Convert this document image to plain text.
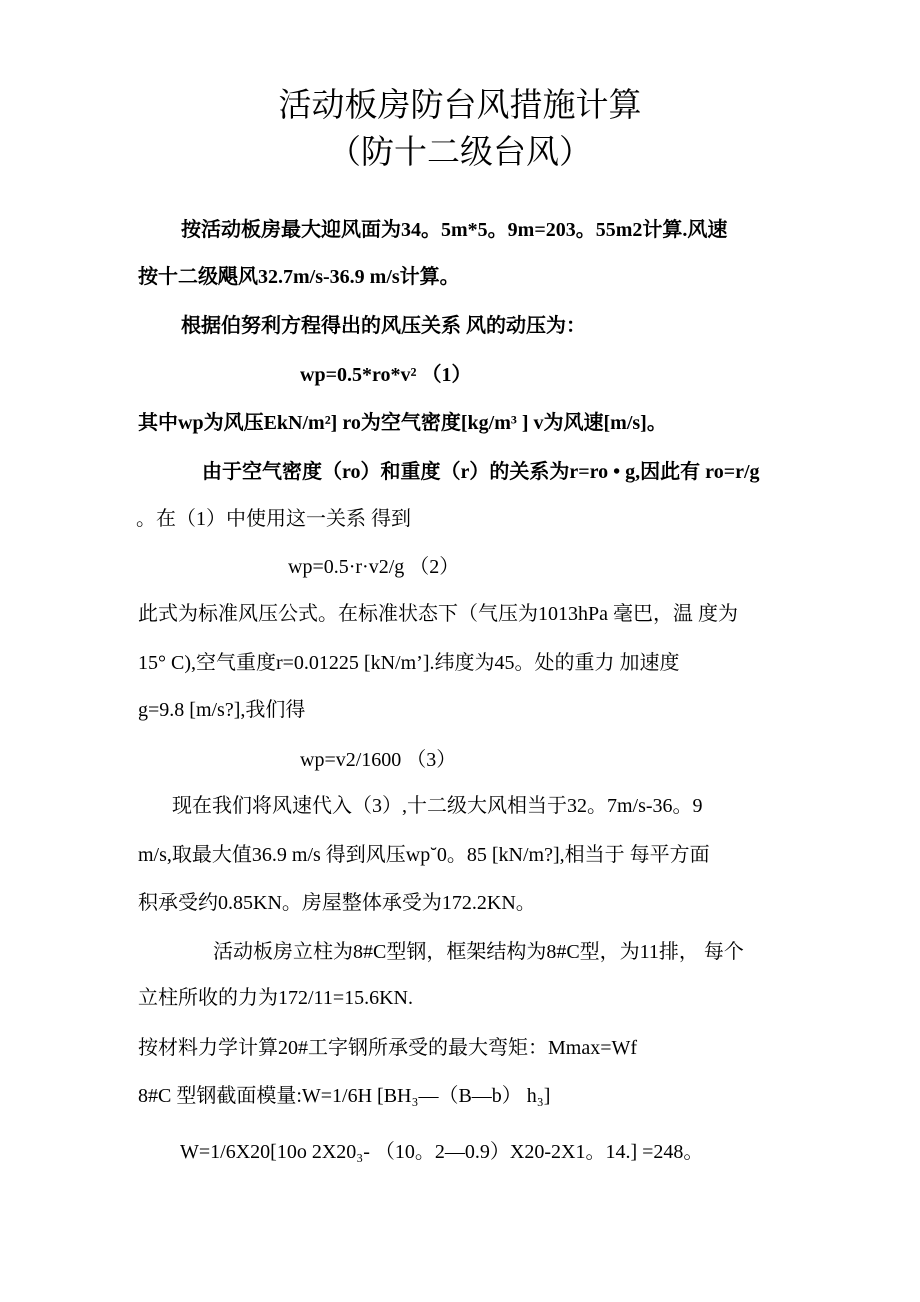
活动板房防台风措施计算
（防十二级台风）
按活动板房最大迎风面为34。5m*5。9m=203。55m2计算.风速
按十二级飓风32.7m/s-36.9 m/s计算。
根据伯努利方程得出的风压关系 风的动压为：
wp=0.5*ro*v² （1）
其中wp为风压EkN/m²] ro为空气密度[kg/m³ ] v为风速[m/s]。
由于空气密度（ro）和重度（r）的关系为r=ro • g,因此有 ro=r/g
。在（1）中使用这一关系 得到
wp=0.5·r·v2/g （2）
此式为标准风压公式。在标准状态下（气压为1013hPa 毫巴，温 度为
15° C),空气重度r=0.01225 [kN/m’].纬度为45。处的重力 加速度
g=9.8 [m/s?],我们得
wp=v2/1600 （3）
现在我们将风速代入（3）,十二级大风相当于32。7m/s-36。9
m/s,取最大值36.9 m/s 得到风压wp˘0。85 [kN/m?],相当于 每平方面
积承受约0.85KN。房屋整体承受为172.2KN。
活动板房立柱为8#C型钢，框架结构为8#C型，为11排， 每个
立柱所收的力为172/11=15.6KN.
按材料力学计算20#工字钢所承受的最大弯矩：Mmax=Wf
8#C 型钢截面模量:W=1/6H [BH₃—（B—b） h₃]
W=1/6X20[10o 2X20₃- （10。2—0.9）X20-2X1。14.] =248。
